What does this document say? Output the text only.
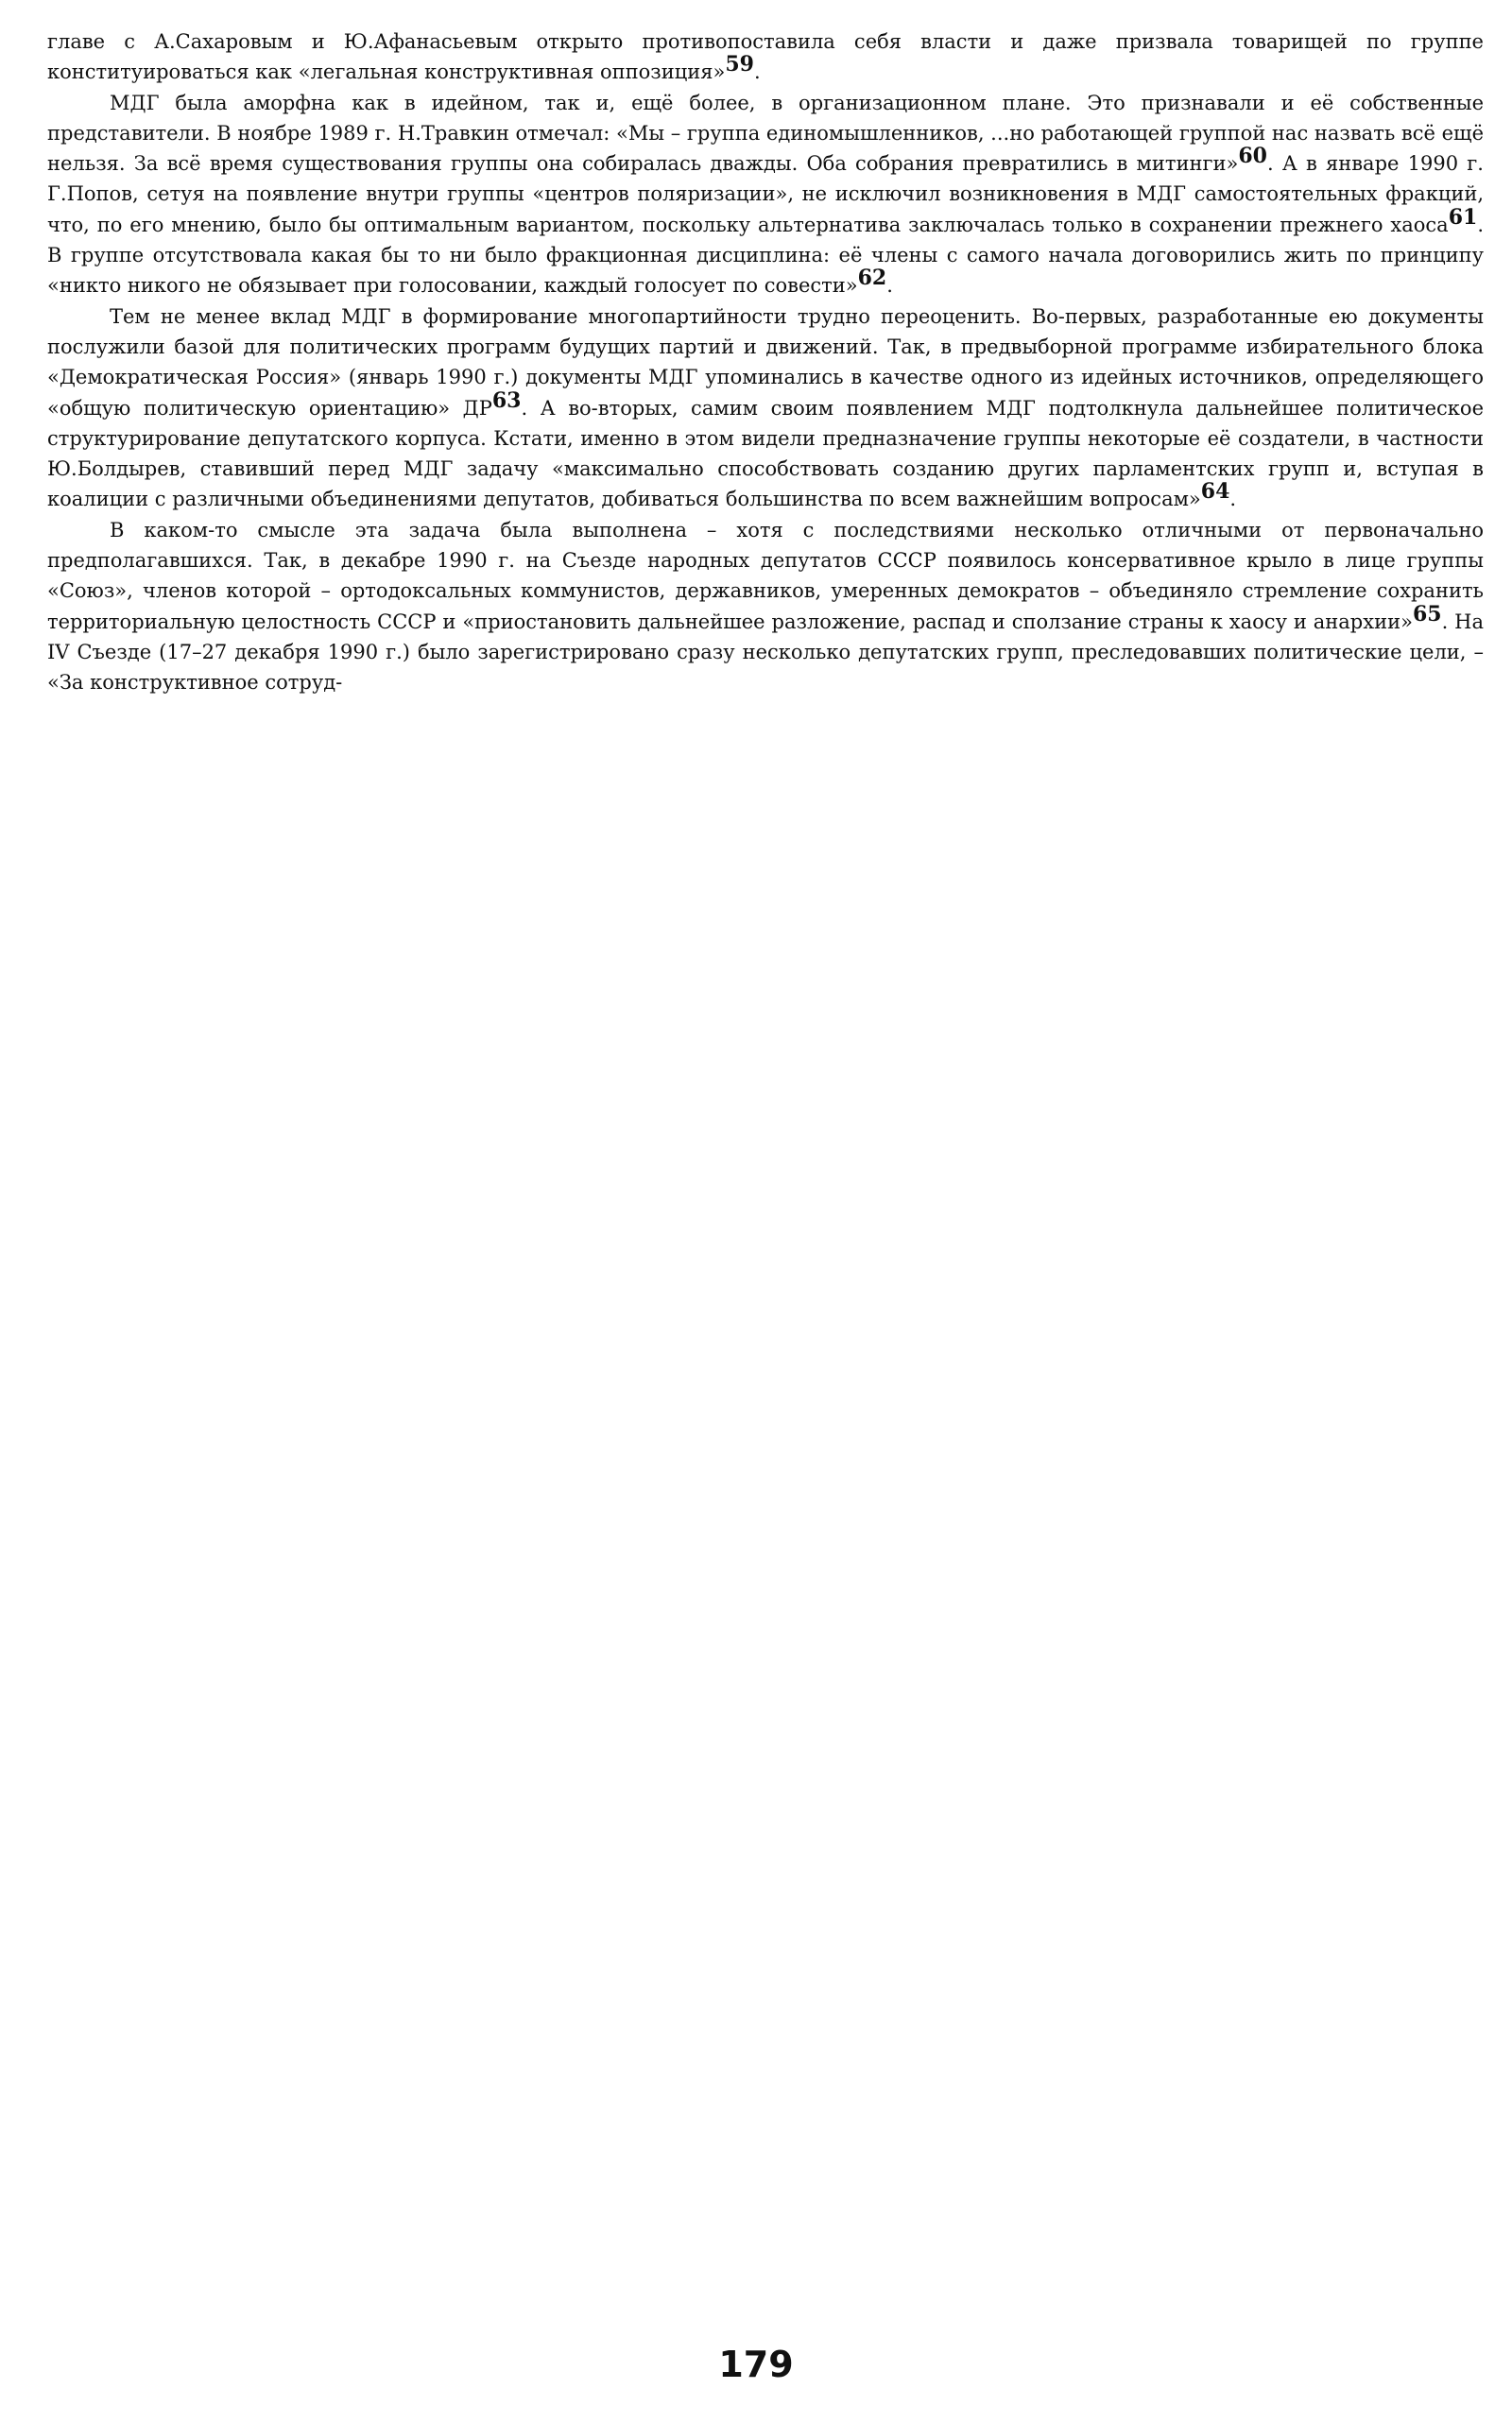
главе с А.Сахаровым и Ю.Афанасьевым открыто противопоставила себя власти и даже призвала товарищей по группе конституироваться как «легальная конструктивная оппозиция»$^{59}$.

МДГ была аморфна как в идейном, так и, ещё более, в организационном плане. Это признавали и её собственные представители. В ноябре 1989 г. Н.Травкин отмечал: «Мы – группа единомышленников, ...но работающей группой нас назвать всё ещё нельзя. За всё время существования группы она собиралась дважды. Оба собрания превратились в митинги»$^{60}$. А в январе 1990 г. Г.Попов, сетуя на появление внутри группы «центров поляризации», не исключил возникновения в МДГ самостоятельных фракций, что, по его мнению, было бы оптимальным вариантом, поскольку альтернатива заключалась только в сохранении прежнего хаоса$^{61}$. В группе отсутствовала какая бы то ни было фракционная дисциплина: её члены с самого начала договорились жить по принципу «никто никого не обязывает при голосовании, каждый голосует по совести»$^{62}$.

Тем не менее вклад МДГ в формирование многопартийности трудно переоценить. Во-первых, разработанные ею документы послужили базой для политических программ будущих партий и движений. Так, в предвыборной программе избирательного блока «Демократическая Россия» (январь 1990 г.) документы МДГ упоминались в качестве одного из идейных источников, определяющего «общую политическую ориентацию» ДР$^{63}$. А во-вторых, самим своим появлением МДГ подтолкнула дальнейшее политическое структурирование депутатского корпуса. Кстати, именно в этом видели предназначение группы некоторые её создатели, в частности Ю.Болдырев, ставивший перед МДГ задачу «максимально способствовать созданию других парламентских групп и, вступая в коалиции с различными объединениями депутатов, добиваться большинства по всем важнейшим вопросам»$^{64}$.

В каком-то смысле эта задача была выполнена – хотя с последствиями несколько отличными от первоначально предполагавшихся. Так, в декабре 1990 г. на Съезде народных депутатов СССР появилось консервативное крыло в лице группы «Союз», членов которой – ортодоксальных коммунистов, державников, умеренных демократов – объединяло стремление сохранить территориальную целостность СССР и «приостановить дальнейшее разложение, распад и сползание страны к хаосу и анархии»$^{65}$. На IV Съезде (17–27 декабря 1990 г.) было зарегистрировано сразу несколько депутатских групп, преследовавших политические цели, – «За конструктивное сотруд-

179
